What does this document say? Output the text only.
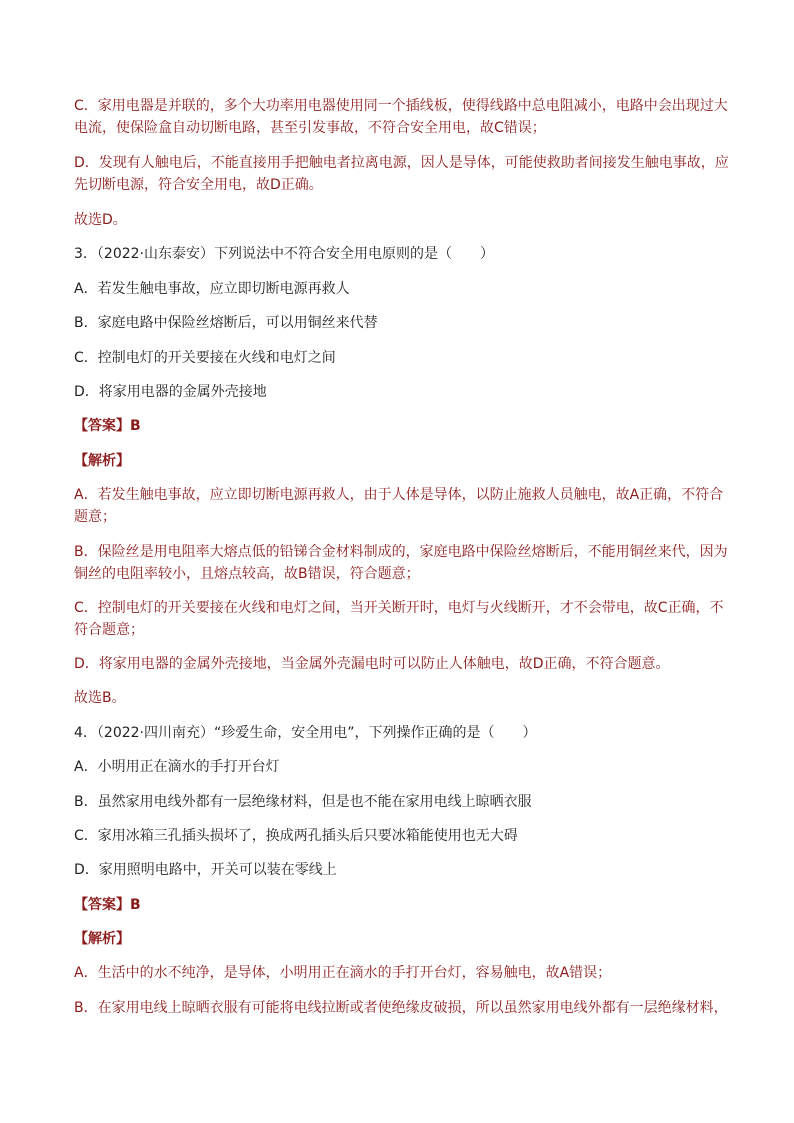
C．家用电器是并联的，多个大功率用电器使用同一个插线板，使得线路中总电阻减小，电路中会出现过大
电流，使保险盒自动切断电路，甚至引发事故，不符合安全用电，故C错误；
D．发现有人触电后，不能直接用手把触电者拉离电源，因人是导体，可能使救助者间接发生触电事故，应
先切断电源，符合安全用电，故D正确。
故选D。
3．（2022·山东泰安）下列说法中不符合安全用电原则的是（　　）
A．若发生触电事故，应立即切断电源再救人
B．家庭电路中保险丝熔断后，可以用铜丝来代替
C．控制电灯的开关要接在火线和电灯之间
D．将家用电器的金属外壳接地
【答案】B
【解析】
A．若发生触电事故，应立即切断电源再救人，由于人体是导体，以防止施救人员触电，故A正确，不符合
题意；
B．保险丝是用电阻率大熔点低的铅锑合金材料制成的，家庭电路中保险丝熔断后，不能用铜丝来代，因为
铜丝的电阻率较小，且熔点较高，故B错误，符合题意；
C．控制电灯的开关要接在火线和电灯之间，当开关断开时，电灯与火线断开，才不会带电，故C正确，不
符合题意；
D．将家用电器的金属外壳接地，当金属外壳漏电时可以防止人体触电，故D正确，不符合题意。
故选B。
4．（2022·四川南充）“珍爱生命，安全用电”，下列操作正确的是（　　）
A．小明用正在滴水的手打开台灯
B．虽然家用电线外都有一层绝缘材料，但是也不能在家用电线上晾晒衣服
C．家用冰箱三孔插头损坏了，换成两孔插头后只要冰箱能使用也无大碍
D．家用照明电路中，开关可以装在零线上
【答案】B
【解析】
A．生活中的水不纯净，是导体，小明用正在滴水的手打开台灯，容易触电，故A错误；
B．在家用电线上晾晒衣服有可能将电线拉断或者使绝缘皮破损，所以虽然家用电线外都有一层绝缘材料，
